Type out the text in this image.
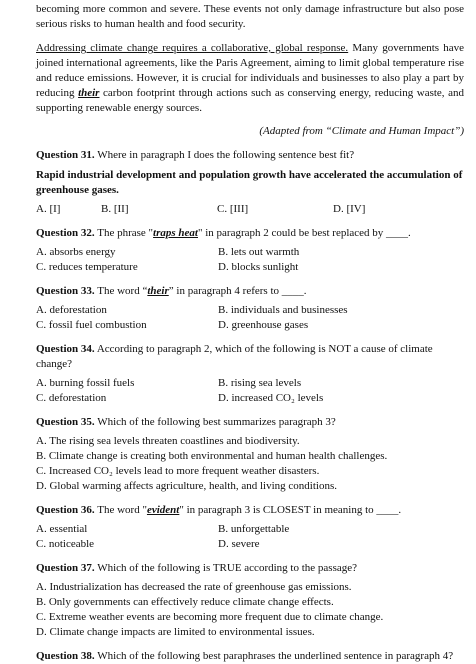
becoming more common and severe. These events not only damage infrastructure but also pose serious risks to human health and food security.

Addressing climate change requires a collaborative, global response. Many governments have joined international agreements, like the Paris Agreement, aiming to limit global temperature rise and reduce emissions. However, it is crucial for individuals and businesses to also play a part by reducing their carbon footprint through actions such as conserving energy, reducing waste, and supporting renewable energy sources.

(Adapted from “Climate and Human Impact”)

Question 31. Where in paragraph I does the following sentence best fit?

Rapid industrial development and population growth have accelerated the accumulation of greenhouse gases.

A. [I]	B. [II]	C. [III]	D. [IV]

Question 32. The phrase "traps heat" in paragraph 2 could be best replaced by ____.

A. absorbs energy	B. lets out warmth
C. reduces temperature	D. blocks sunlight

Question 33. The word “their” in paragraph 4 refers to ____.

A. deforestation	B. individuals and businesses
C. fossil fuel combustion	D. greenhouse gases

Question 34. According to paragraph 2, which of the following is NOT a cause of climate change?

A. burning fossil fuels	B. rising sea levels
C. deforestation	D. increased CO₂ levels

Question 35. Which of the following best summarizes paragraph 3?

A. The rising sea levels threaten coastlines and biodiversity.
B. Climate change is creating both environmental and human health challenges.
C. Increased CO₂ levels lead to more frequent weather disasters.
D. Global warming affects agriculture, health, and living conditions.

Question 36. The word "evident" in paragraph 3 is CLOSEST in meaning to ____.

A. essential	B. unforgettable
C. noticeable	D. severe

Question 37. Which of the following is TRUE according to the passage?

A. Industrialization has decreased the rate of greenhouse gas emissions.
B. Only governments can effectively reduce climate change effects.
C. Extreme weather events are becoming more frequent due to climate change.
D. Climate change impacts are limited to environmental issues.

Question 38. Which of the following best paraphrases the underlined sentence in paragraph 4?
